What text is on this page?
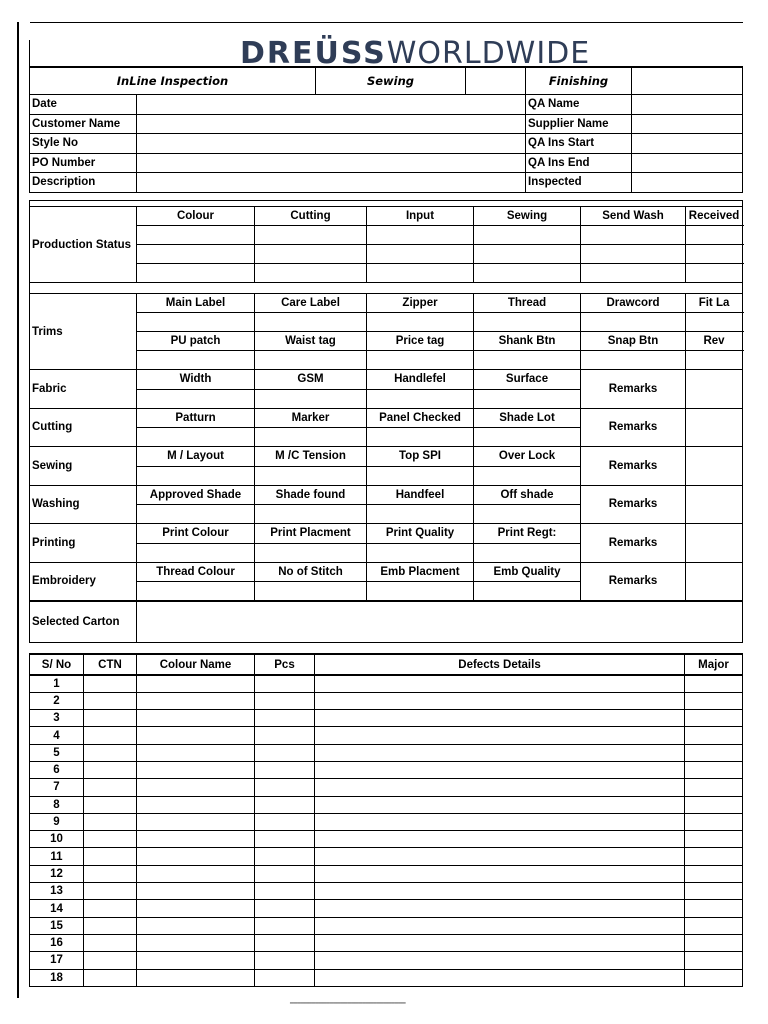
DREÜSSWORLDWIDE

InLine Inspection		Sewing		Finishing	
Date				QA Name	
Customer Name				Supplier Name	
Style No				QA Ins Start	
PO Number				QA Ins End	
Description				Inspected	

Production Status	Colour	Cutting	Input	Sewing	Send Wash	Received

Trims	Main Label	Care Label	Zipper	Thread	Drawcord	Fit La

	PU patch	Waist tag	Price tag	Shank Btn	Snap Btn	Rev

Fabric	Width	GSM	Handlefel	Surface	Remarks	

Cutting	Patturn	Marker	Panel Checked	Shade Lot	Remarks	

Sewing	M / Layout	M /C Tension	Top SPI	Over Lock	Remarks	

Washing	Approved Shade	Shade found	Handfeel	Off shade	Remarks	

Printing	Print Colour	Print Placment	Print Quality	Print Regt:	Remarks	

Embroidery	Thread Colour	No of Stitch	Emb Placment	Emb Quality	Remarks	

Selected Carton						
S/ No	CTN	Colour Name	Pcs	Defects Details	Major
1					
2					
3					
4					
5					
6					
7					
8					
9					
10					
11					
12					
13					
14					
15					
16					
17					
18					
━━━━━━━━━━━━━━━━━━━━━━━━━━━━━━━━
